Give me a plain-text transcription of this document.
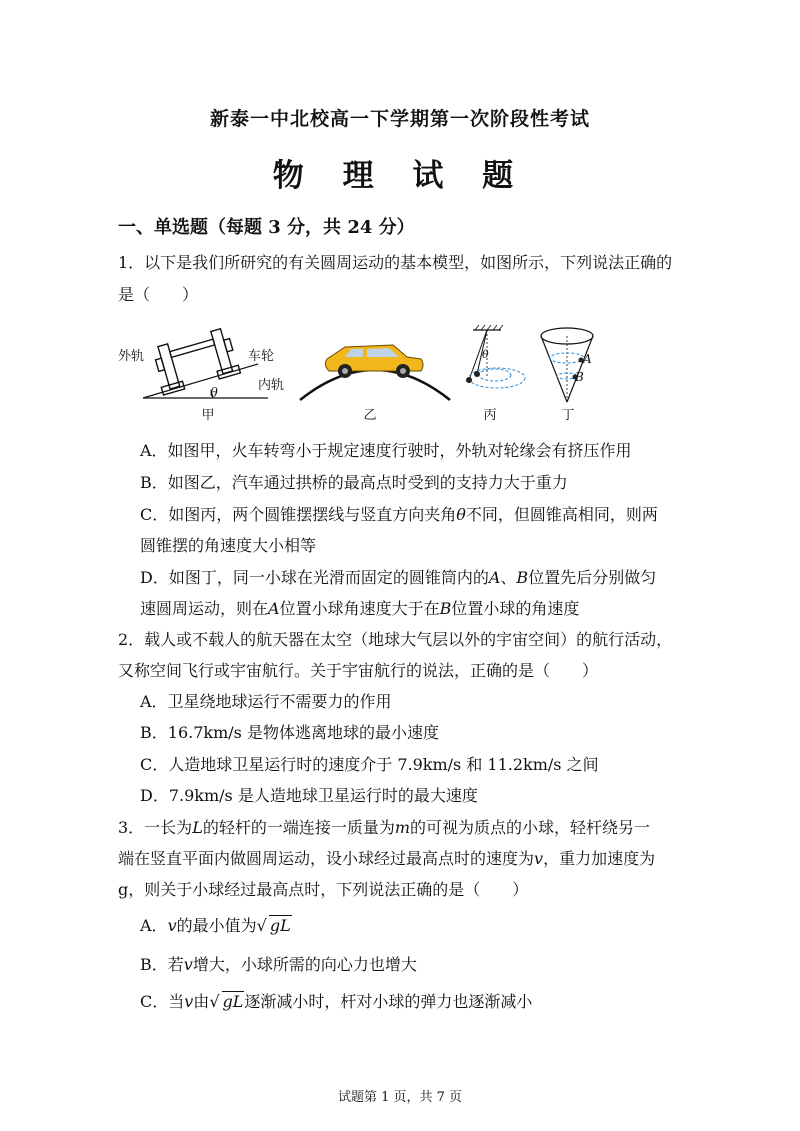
新泰一中北校高一下学期第一次阶段性考试
物 理 试 题
一、单选题（每题 3 分，共 24 分）
1．以下是我们所研究的有关圆周运动的基本模型，如图所示，下列说法正确的
是（　　）
外轨	车轮
内轨
θ
甲	乙
θ
丙
A
B
丁
A．如图甲，火车转弯小于规定速度行驶时，外轨对轮缘会有挤压作用
B．如图乙，汽车通过拱桥的最高点时受到的支持力大于重力
C．如图丙，两个圆锥摆摆线与竖直方向夹角θ不同，但圆锥高相同，则两
圆锥摆的角速度大小相等
D．如图丁，同一小球在光滑而固定的圆锥筒内的A、B位置先后分别做匀
速圆周运动，则在A位置小球角速度大于在B位置小球的角速度
2．载人或不载人的航天器在太空（地球大气层以外的宇宙空间）的航行活动，
又称空间飞行或宇宙航行。关于宇宙航行的说法，正确的是（　　）
A．卫星绕地球运行不需要力的作用
B．16.7km/s 是物体逃离地球的最小速度
C．人造地球卫星运行时的速度介于 7.9km/s 和 11.2km/s 之间
D．7.9km/s 是人造地球卫星运行时的最大速度
3．一长为L的轻杆的一端连接一质量为m的可视为质点的小球，轻杆绕另一
端在竖直平面内做圆周运动，设小球经过最高点时的速度为v，重力加速度为
g，则关于小球经过最高点时，下列说法正确的是（　　）
A．v的最小值为√ gL
B．若v增大，小球所需的向心力也增大
C．当v由√ gL逐渐减小时，杆对小球的弹力也逐渐减小
试题第 1 页，共 7 页
